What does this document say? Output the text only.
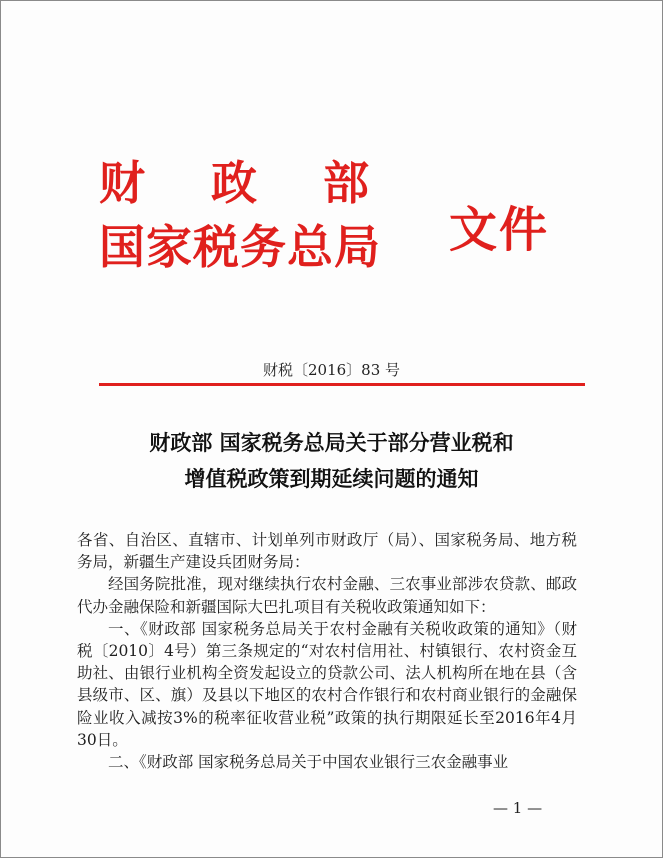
财政部
国家税务总局 文件
财税〔2016〕83 号
财政部 国家税务总局关于部分营业税和
增值税政策到期延续问题的通知

各省、自治区、直辖市、计划单列市财政厅（局）、国家税务局、地方税务局，新疆生产建设兵团财务局：

经国务院批准，现对继续执行农村金融、三农事业部涉农贷款、邮政代办金融保险和新疆国际大巴扎项目有关税收政策通知如下：

一、《财政部 国家税务总局关于农村金融有关税收政策的通知》（财税〔2010〕4号）第三条规定的“对农村信用社、村镇银行、农村资金互助社、由银行业机构全资发起设立的贷款公司、法人机构所在地在县（含县级市、区、旗）及县以下地区的农村合作银行和农村商业银行的金融保险业收入减按3%的税率征收营业税”政策的执行期限延长至2016年4月30日。

二、《财政部 国家税务总局关于中国农业银行三农金融事业

— 1 —
